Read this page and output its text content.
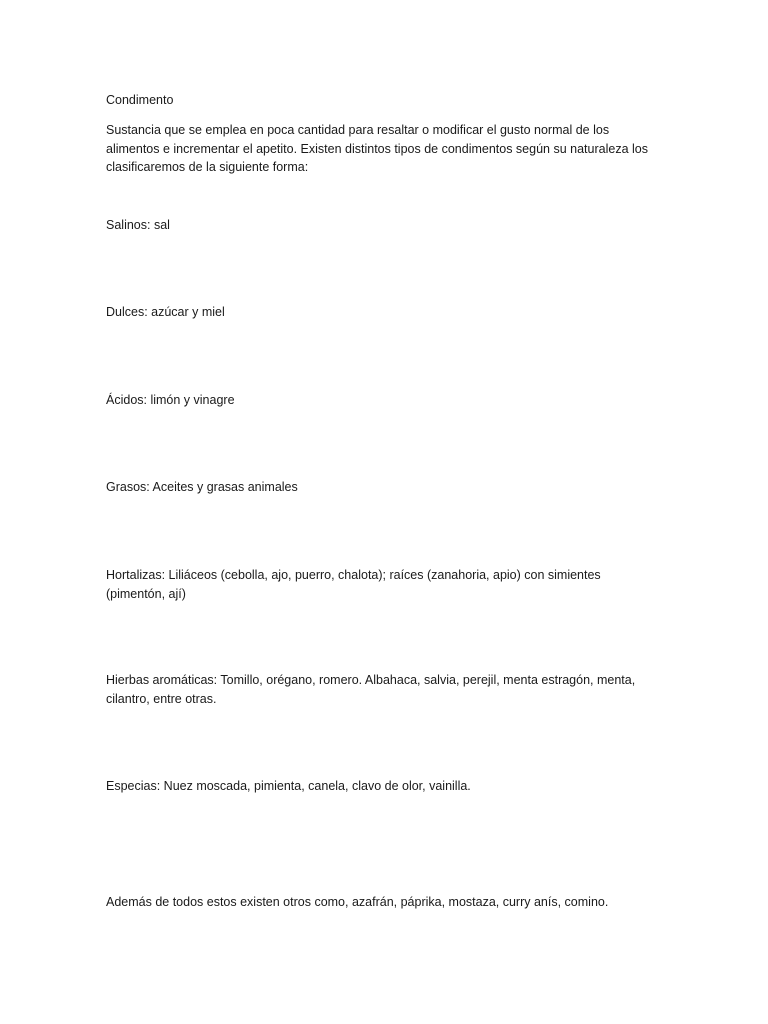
Condimento

Sustancia que se emplea en poca cantidad para resaltar o modificar el gusto normal de los alimentos e incrementar el apetito. Existen distintos tipos de condimentos según su naturaleza los clasificaremos de la siguiente forma:

Salinos: sal

Dulces: azúcar y miel

Ácidos: limón y vinagre

Grasos: Aceites y grasas animales

Hortalizas: Liliáceos (cebolla, ajo, puerro, chalota); raíces (zanahoria, apio) con simientes (pimentón, ají)

Hierbas aromáticas: Tomillo, orégano, romero. Albahaca, salvia, perejil, menta estragón, menta, cilantro, entre otras.

Especias: Nuez moscada, pimienta, canela, clavo de olor, vainilla.

Además de todos estos existen otros como, azafrán, páprika, mostaza, curry anís, comino.
